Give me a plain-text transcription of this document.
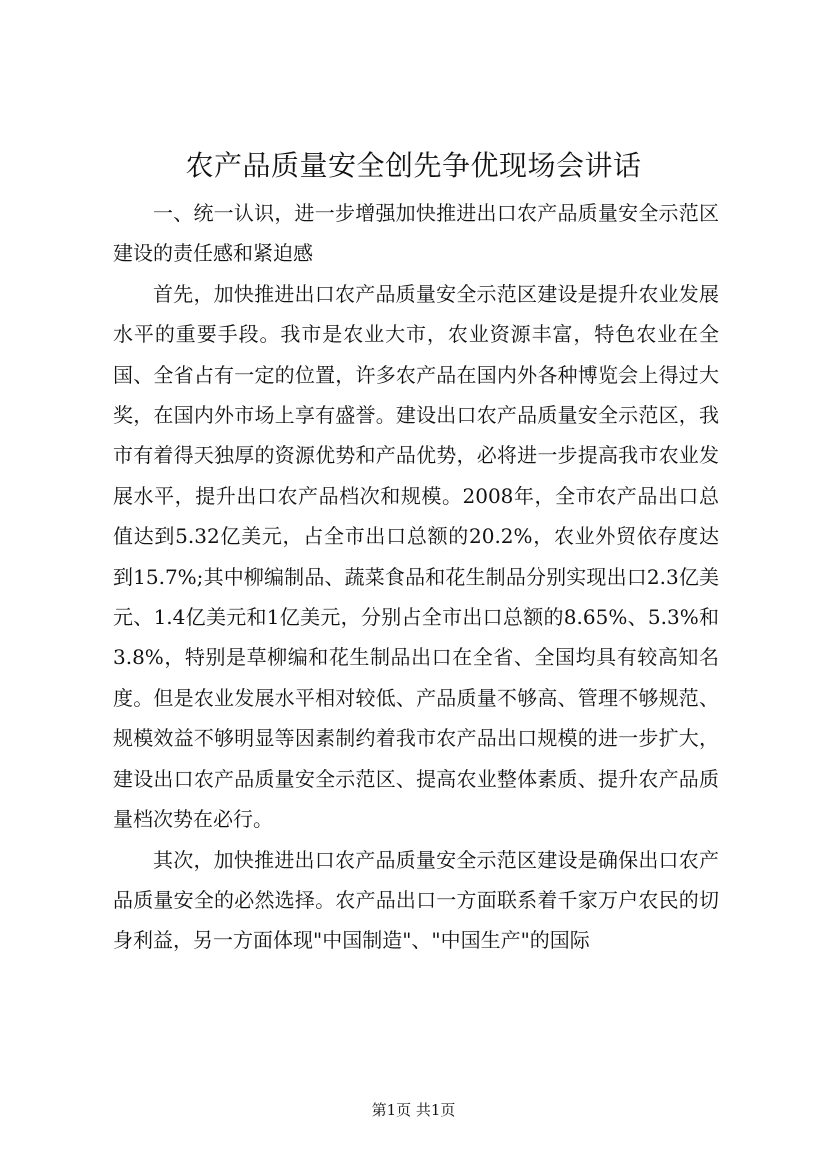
农产品质量安全创先争优现场会讲话

一、统一认识，进一步增强加快推进出口农产品质量安全示范区建设的责任感和紧迫感

首先，加快推进出口农产品质量安全示范区建设是提升农业发展水平的重要手段。我市是农业大市，农业资源丰富，特色农业在全国、全省占有一定的位置，许多农产品在国内外各种博览会上得过大奖，在国内外市场上享有盛誉。建设出口农产品质量安全示范区，我市有着得天独厚的资源优势和产品优势，必将进一步提高我市农业发展水平，提升出口农产品档次和规模。2008年，全市农产品出口总值达到5.32亿美元，占全市出口总额的20.2%，农业外贸依存度达到15.7%;其中柳编制品、蔬菜食品和花生制品分别实现出口2.3亿美元、1.4亿美元和1亿美元，分别占全市出口总额的8.65%、5.3%和3.8%，特别是草柳编和花生制品出口在全省、全国均具有较高知名度。但是农业发展水平相对较低、产品质量不够高、管理不够规范、规模效益不够明显等因素制约着我市农产品出口规模的进一步扩大，建设出口农产品质量安全示范区、提高农业整体素质、提升农产品质量档次势在必行。

其次，加快推进出口农产品质量安全示范区建设是确保出口农产品质量安全的必然选择。农产品出口一方面联系着千家万户农民的切身利益，另一方面体现"中国制造"、"中国生产"的国际

第1页 共1页
